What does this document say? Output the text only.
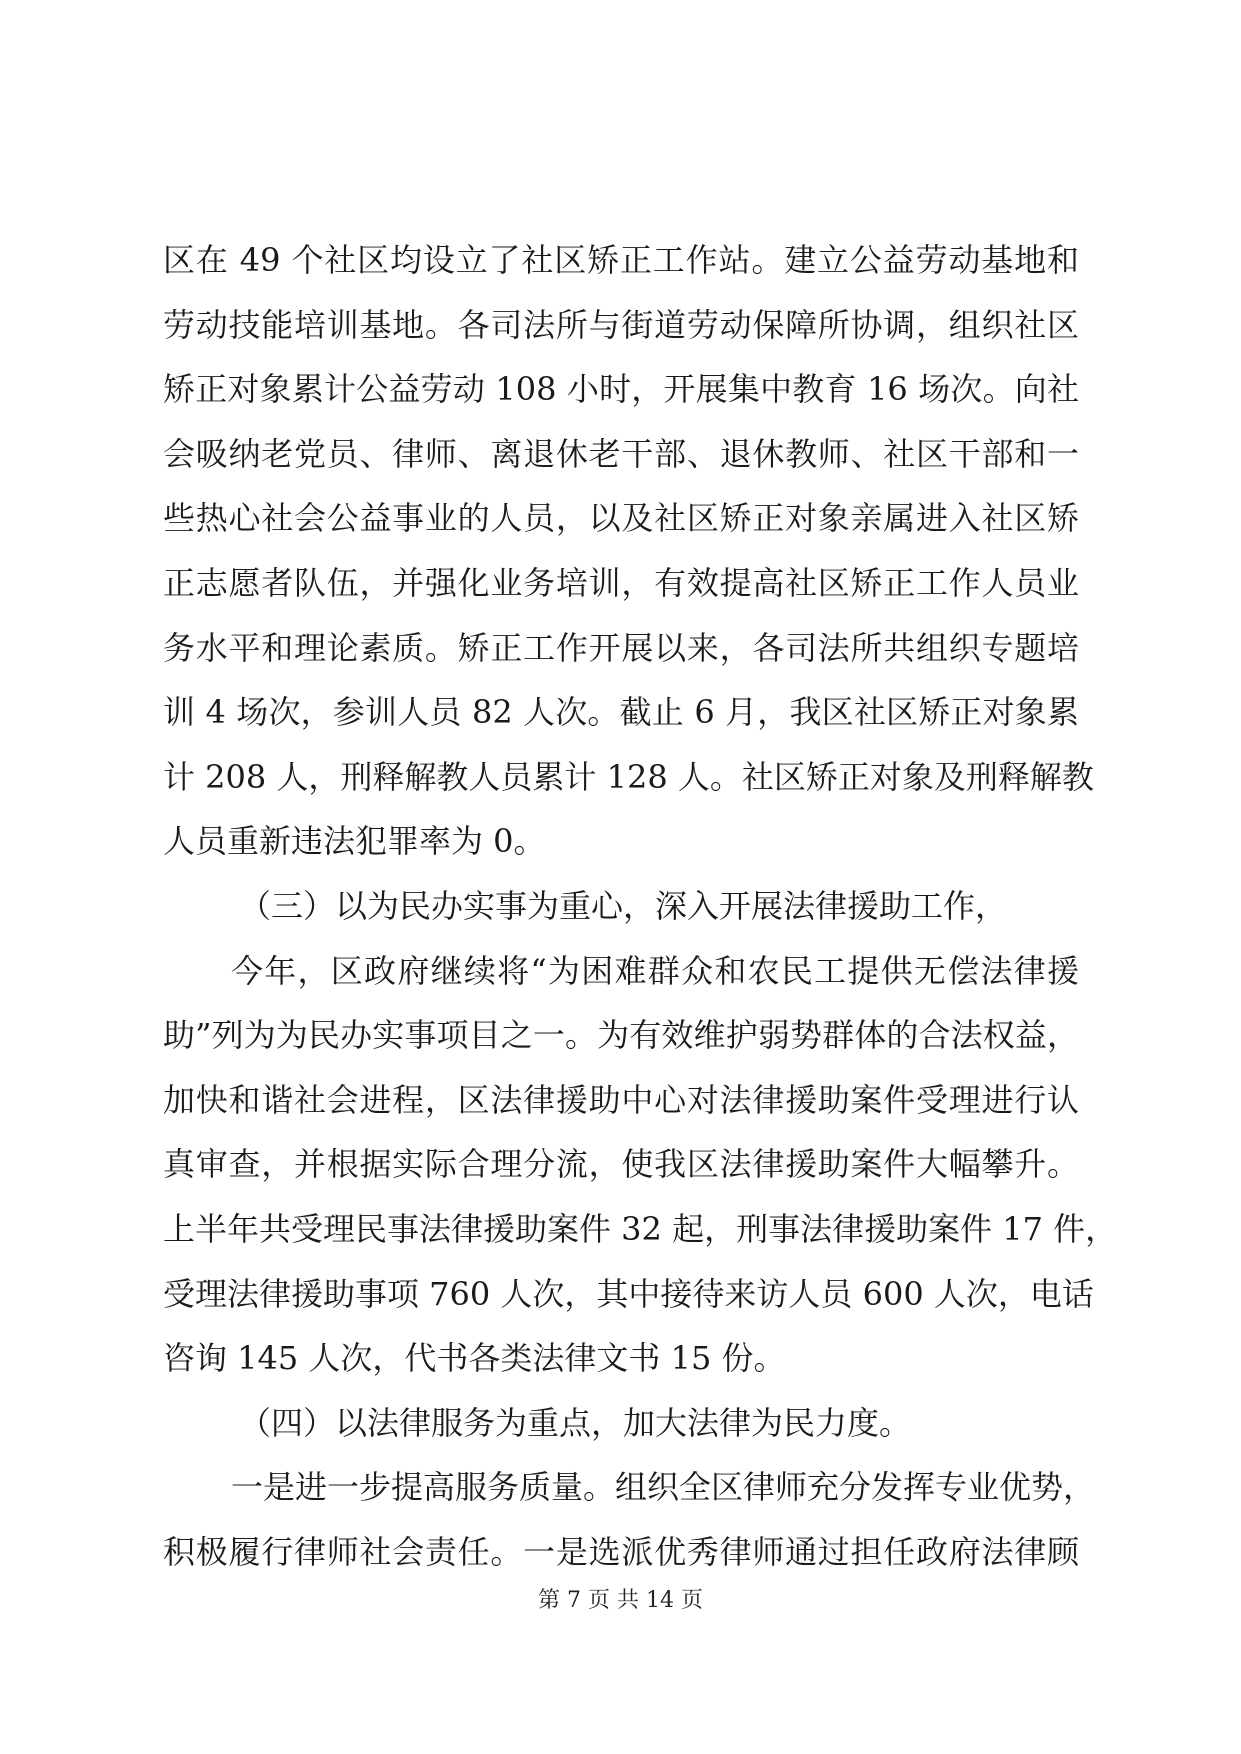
区在 49 个社区均设立了社区矫正工作站。建立公益劳动基地和
劳动技能培训基地。各司法所与街道劳动保障所协调，组织社区
矫正对象累计公益劳动 108 小时，开展集中教育 16 场次。向社
会吸纳老党员、律师、离退休老干部、退休教师、社区干部和一
些热心社会公益事业的人员，以及社区矫正对象亲属进入社区矫
正志愿者队伍，并强化业务培训，有效提高社区矫正工作人员业
务水平和理论素质。矫正工作开展以来，各司法所共组织专题培
训 4 场次，参训人员 82 人次。截止 6 月，我区社区矫正对象累
计 208 人，刑释解教人员累计 128 人。社区矫正对象及刑释解教
人员重新违法犯罪率为 0。
（三）以为民办实事为重心，深入开展法律援助工作，
今年，区政府继续将“为困难群众和农民工提供无偿法律援
助”列为为民办实事项目之一。为有效维护弱势群体的合法权益，
加快和谐社会进程，区法律援助中心对法律援助案件受理进行认
真审查，并根据实际合理分流，使我区法律援助案件大幅攀升。
上半年共受理民事法律援助案件 32 起，刑事法律援助案件 17 件，
受理法律援助事项 760 人次，其中接待来访人员 600 人次，电话
咨询 145 人次，代书各类法律文书 15 份。
（四）以法律服务为重点，加大法律为民力度。
一是进一步提高服务质量。组织全区律师充分发挥专业优势，
积极履行律师社会责任。一是选派优秀律师通过担任政府法律顾
第 7 页 共 14 页
